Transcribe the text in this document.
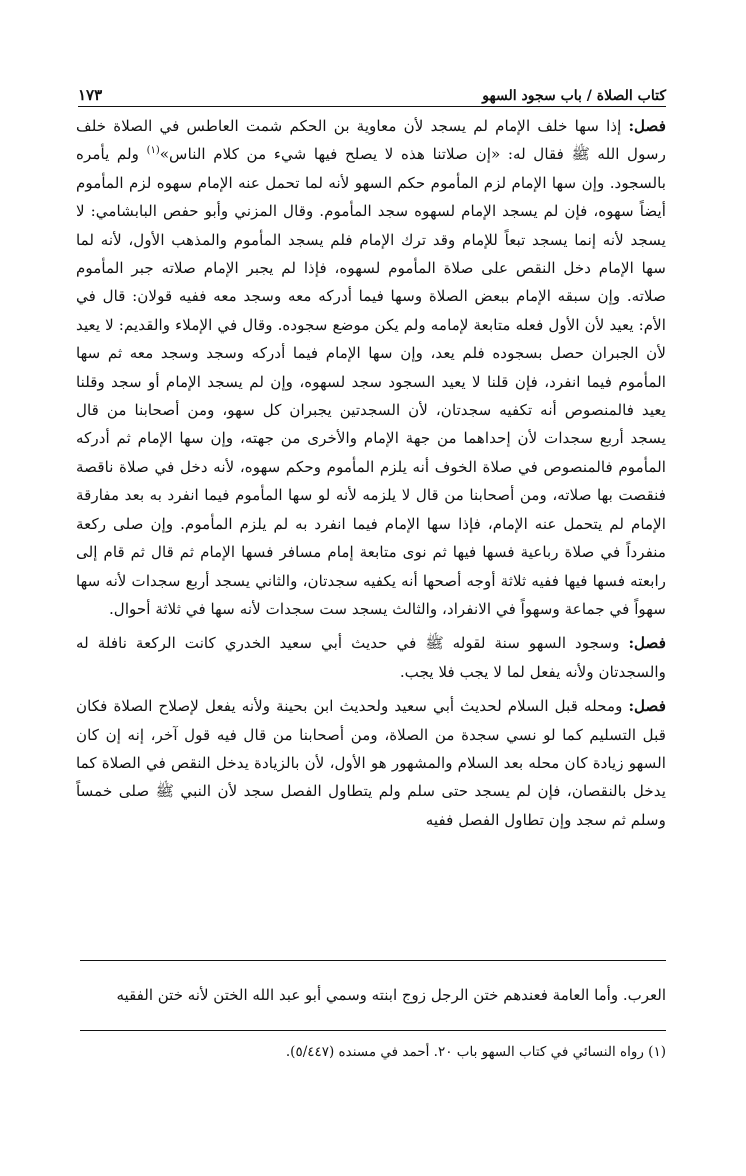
كتاب الصلاة / باب سجود السهو
١٧٣

فصل: إذا سها خلف الإمام لم يسجد لأن معاوية بن الحكم شمت العاطس في الصلاة خلف رسول الله ﷺ فقال له: «إن صلاتنا هذه لا يصلح فيها شيء من كلام الناس»$^{(١)}$ ولم يأمره بالسجود. وإن سها الإمام لزم المأموم حكم السهو لأنه لما تحمل عنه الإمام سهوه لزم المأموم أيضاً سهوه، فإن لم يسجد الإمام لسهوه سجد المأموم. وقال المزني وأبو حفص البابشامي: لا يسجد لأنه إنما يسجد تبعاً للإمام وقد ترك الإمام فلم يسجد المأموم والمذهب الأول، لأنه لما سها الإمام دخل النقص على صلاة المأموم لسهوه، فإذا لم يجبر الإمام صلاته جبر المأموم صلاته. وإن سبقه الإمام ببعض الصلاة وسها فيما أدركه معه وسجد معه ففيه قولان: قال في الأم: يعيد لأن الأول فعله متابعة لإمامه ولم يكن موضع سجوده. وقال في الإملاء والقديم: لا يعيد لأن الجبران حصل بسجوده فلم يعد، وإن سها الإمام فيما أدركه وسجد وسجد معه ثم سها المأموم فيما انفرد، فإن قلنا لا يعيد السجود سجد لسهوه، وإن لم يسجد الإمام أو سجد وقلنا يعيد فالمنصوص أنه تكفيه سجدتان، لأن السجدتين يجبران كل سهو، ومن أصحابنا من قال يسجد أربع سجدات لأن إحداهما من جهة الإمام والأخرى من جهته، وإن سها الإمام ثم أدركه المأموم فالمنصوص في صلاة الخوف أنه يلزم المأموم وحكم سهوه، لأنه دخل في صلاة ناقصة فنقصت بها صلاته، ومن أصحابنا من قال لا يلزمه لأنه لو سها المأموم فيما انفرد به بعد مفارقة الإمام لم يتحمل عنه الإمام، فإذا سها الإمام فيما انفرد به لم يلزم المأموم. وإن صلى ركعة منفرداً في صلاة رباعية فسها فيها ثم نوى متابعة إمام مسافر فسها الإمام ثم قال ثم قام إلى رابعته فسها فيها ففيه ثلاثة أوجه أصحها أنه يكفيه سجدتان، والثاني يسجد أربع سجدات لأنه سها سهواً في جماعة وسهواً في الانفراد، والثالث يسجد ست سجدات لأنه سها في ثلاثة أحوال.

فصل: وسجود السهو سنة لقوله ﷺ في حديث أبي سعيد الخدري كانت الركعة نافلة له والسجدتان ولأنه يفعل لما لا يجب فلا يجب.

فصل: ومحله قبل السلام لحديث أبي سعيد ولحديث ابن بحينة ولأنه يفعل لإصلاح الصلاة فكان قبل التسليم كما لو نسي سجدة من الصلاة، ومن أصحابنا من قال فيه قول آخر، إنه إن كان السهو زيادة كان محله بعد السلام والمشهور هو الأول، لأن بالزيادة يدخل النقص في الصلاة كما يدخل بالنقصان، فإن لم يسجد حتى سلم ولم يتطاول الفصل سجد لأن النبي ﷺ صلى خمساً وسلم ثم سجد وإن تطاول الفصل ففيه

العرب. وأما العامة فعندهم ختن الرجل زوج ابنته وسمي أبو عبد الله الختن لأنه ختن الفقيه
(١) رواه النسائي في كتاب السهو باب ٢٠. أحمد في مسنده (٥/٤٤٧).
